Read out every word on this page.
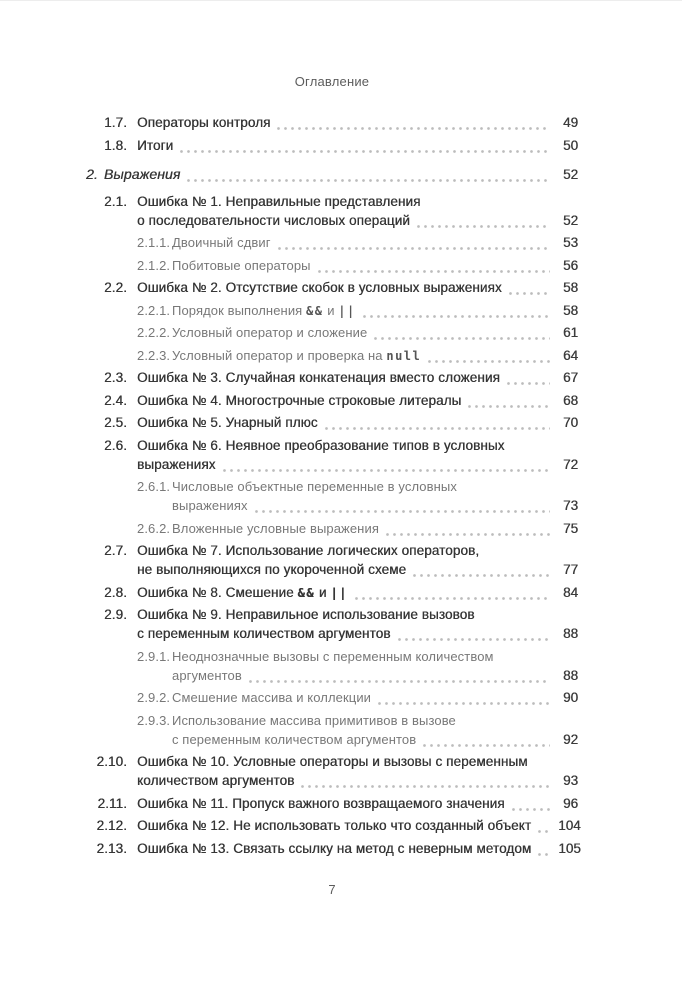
Оглавление
1.7. Операторы контроля	49
1.8. Итоги	50
2. Выражения	52
2.1. Ошибка № 1. Неправильные представления
о последовательности числовых операций	52
2.1.1. Двоичный сдвиг	53
2.1.2. Побитовые операторы	56
2.2. Ошибка № 2. Отсутствие скобок в условных выражениях	58
2.2.1. Порядок выполнения && и ||	58
2.2.2. Условный оператор и сложение	61
2.2.3. Условный оператор и проверка на null	64
2.3. Ошибка № 3. Случайная конкатенация вместо сложения	67
2.4. Ошибка № 4. Многострочные строковые литералы	68
2.5. Ошибка № 5. Унарный плюс	70
2.6. Ошибка № 6. Неявное преобразование типов в условных
выражениях	72
2.6.1. Числовые объектные переменные в условных
выражениях	73
2.6.2. Вложенные условные выражения	75
2.7. Ошибка № 7. Использование логических операторов,
не выполняющихся по укороченной схеме	77
2.8. Ошибка № 8. Смешение && и ||	84
2.9. Ошибка № 9. Неправильное использование вызовов
с переменным количеством аргументов	88
2.9.1. Неоднозначные вызовы с переменным количеством
аргументов	88
2.9.2. Смешение массива и коллекции	90
2.9.3. Использование массива примитивов в вызове
с переменным количеством аргументов	92
2.10. Ошибка № 10. Условные операторы и вызовы с переменным
количеством аргументов	93
2.11. Ошибка № 11. Пропуск важного возвращаемого значения	96
2.12. Ошибка № 12. Не использовать только что созданный объект 104
2.13. Ошибка № 13. Связать ссылку на метод с неверным методом 105
7
